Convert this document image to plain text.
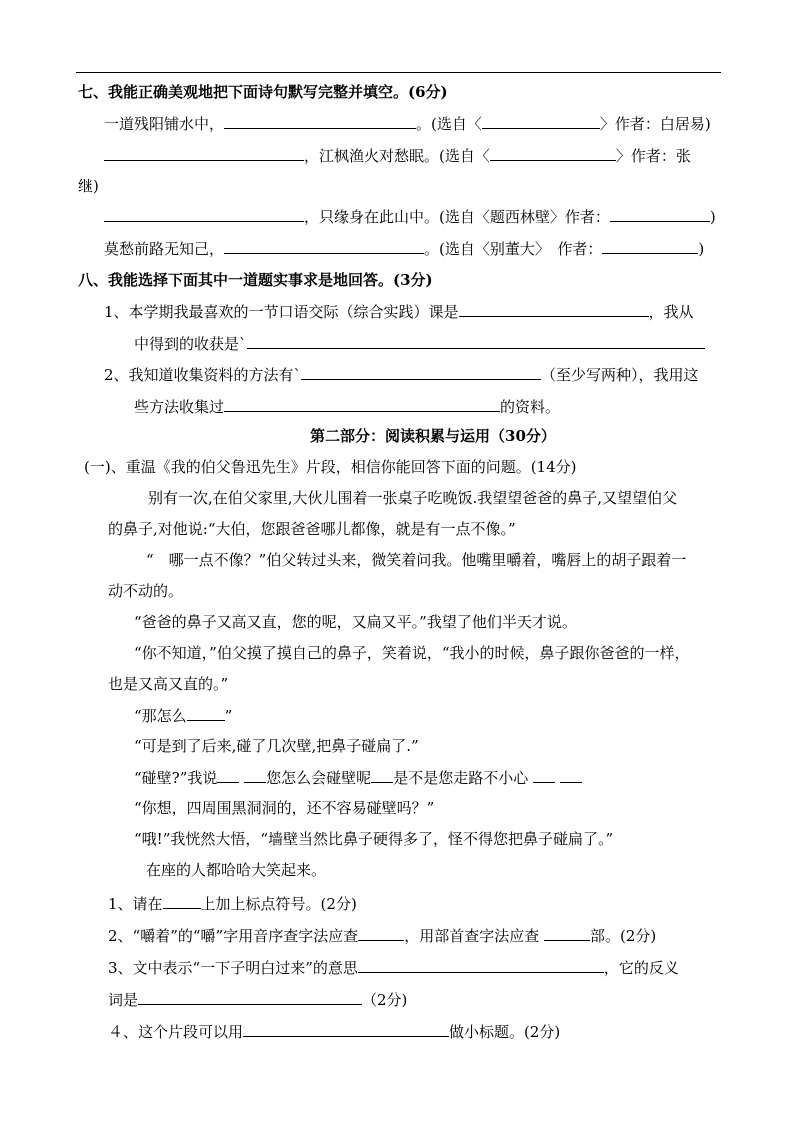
七、我能正确美观地把下面诗句默写完整并填空。(6分)
一道残阳铺水中，	。(选自〈	〉作者：白居易)
，江枫渔火对愁眠。(选自〈	〉作者：张
继)
，只缘身在此山中。(选自〈题西林壁〉作者：	)
莫愁前路无知己，	。(选自〈别董大〉　作者：	)
八、我能选择下面其中一道题实事求是地回答。(3分)
1、本学期我最喜欢的一节口语交际（综合实践）课是	，我从
中得到的收获是`
2、我知道收集资料的方法有`	（至少写两种），我用这
些方法收集过	的资料。
第二部分：阅读积累与运用（30分）
(一)、重温《我的伯父鲁迅先生》片段，相信你能回答下面的问题。(14分)
别有一次,在伯父家里,大伙儿围着一张桌子吃晚饭.我望望爸爸的鼻子,又望望伯父
的鼻子,对他说:“大伯，您跟爸爸哪儿都像，就是有一点不像。”
“　哪一点不像？”伯父转过头来，微笑着问我。他嘴里嚼着，嘴唇上的胡子跟着一
动不动的。
“爸爸的鼻子又高又直，您的呢，又扁又平。”我望了他们半天才说。
“你不知道，”伯父摸了摸自己的鼻子，笑着说，“我小的时候，鼻子跟你爸爸的一样，
也是又高又直的。”
“那怎么	”
“可是到了后来,碰了几次壁,把鼻子碰扁了.”
“碰壁?”我说	您怎么会碰壁呢 是不是您走路不小心
“你想，四周围黑洞洞的，还不容易碰壁吗？”
“哦!”我恍然大悟，“墙壁当然比鼻子硬得多了，怪不得您把鼻子碰扁了。”
在座的人都哈哈大笑起来。
1、请在	上加上标点符号。(2分)
2、“嚼着”的“嚼”字用音序查字法应查	，用部首查字法应查	部。(2分)
3、文中表示“一下子明白过来”的意思	，它的反义
词是	（2分)
４、这个片段可以用	做小标题。(2分)
